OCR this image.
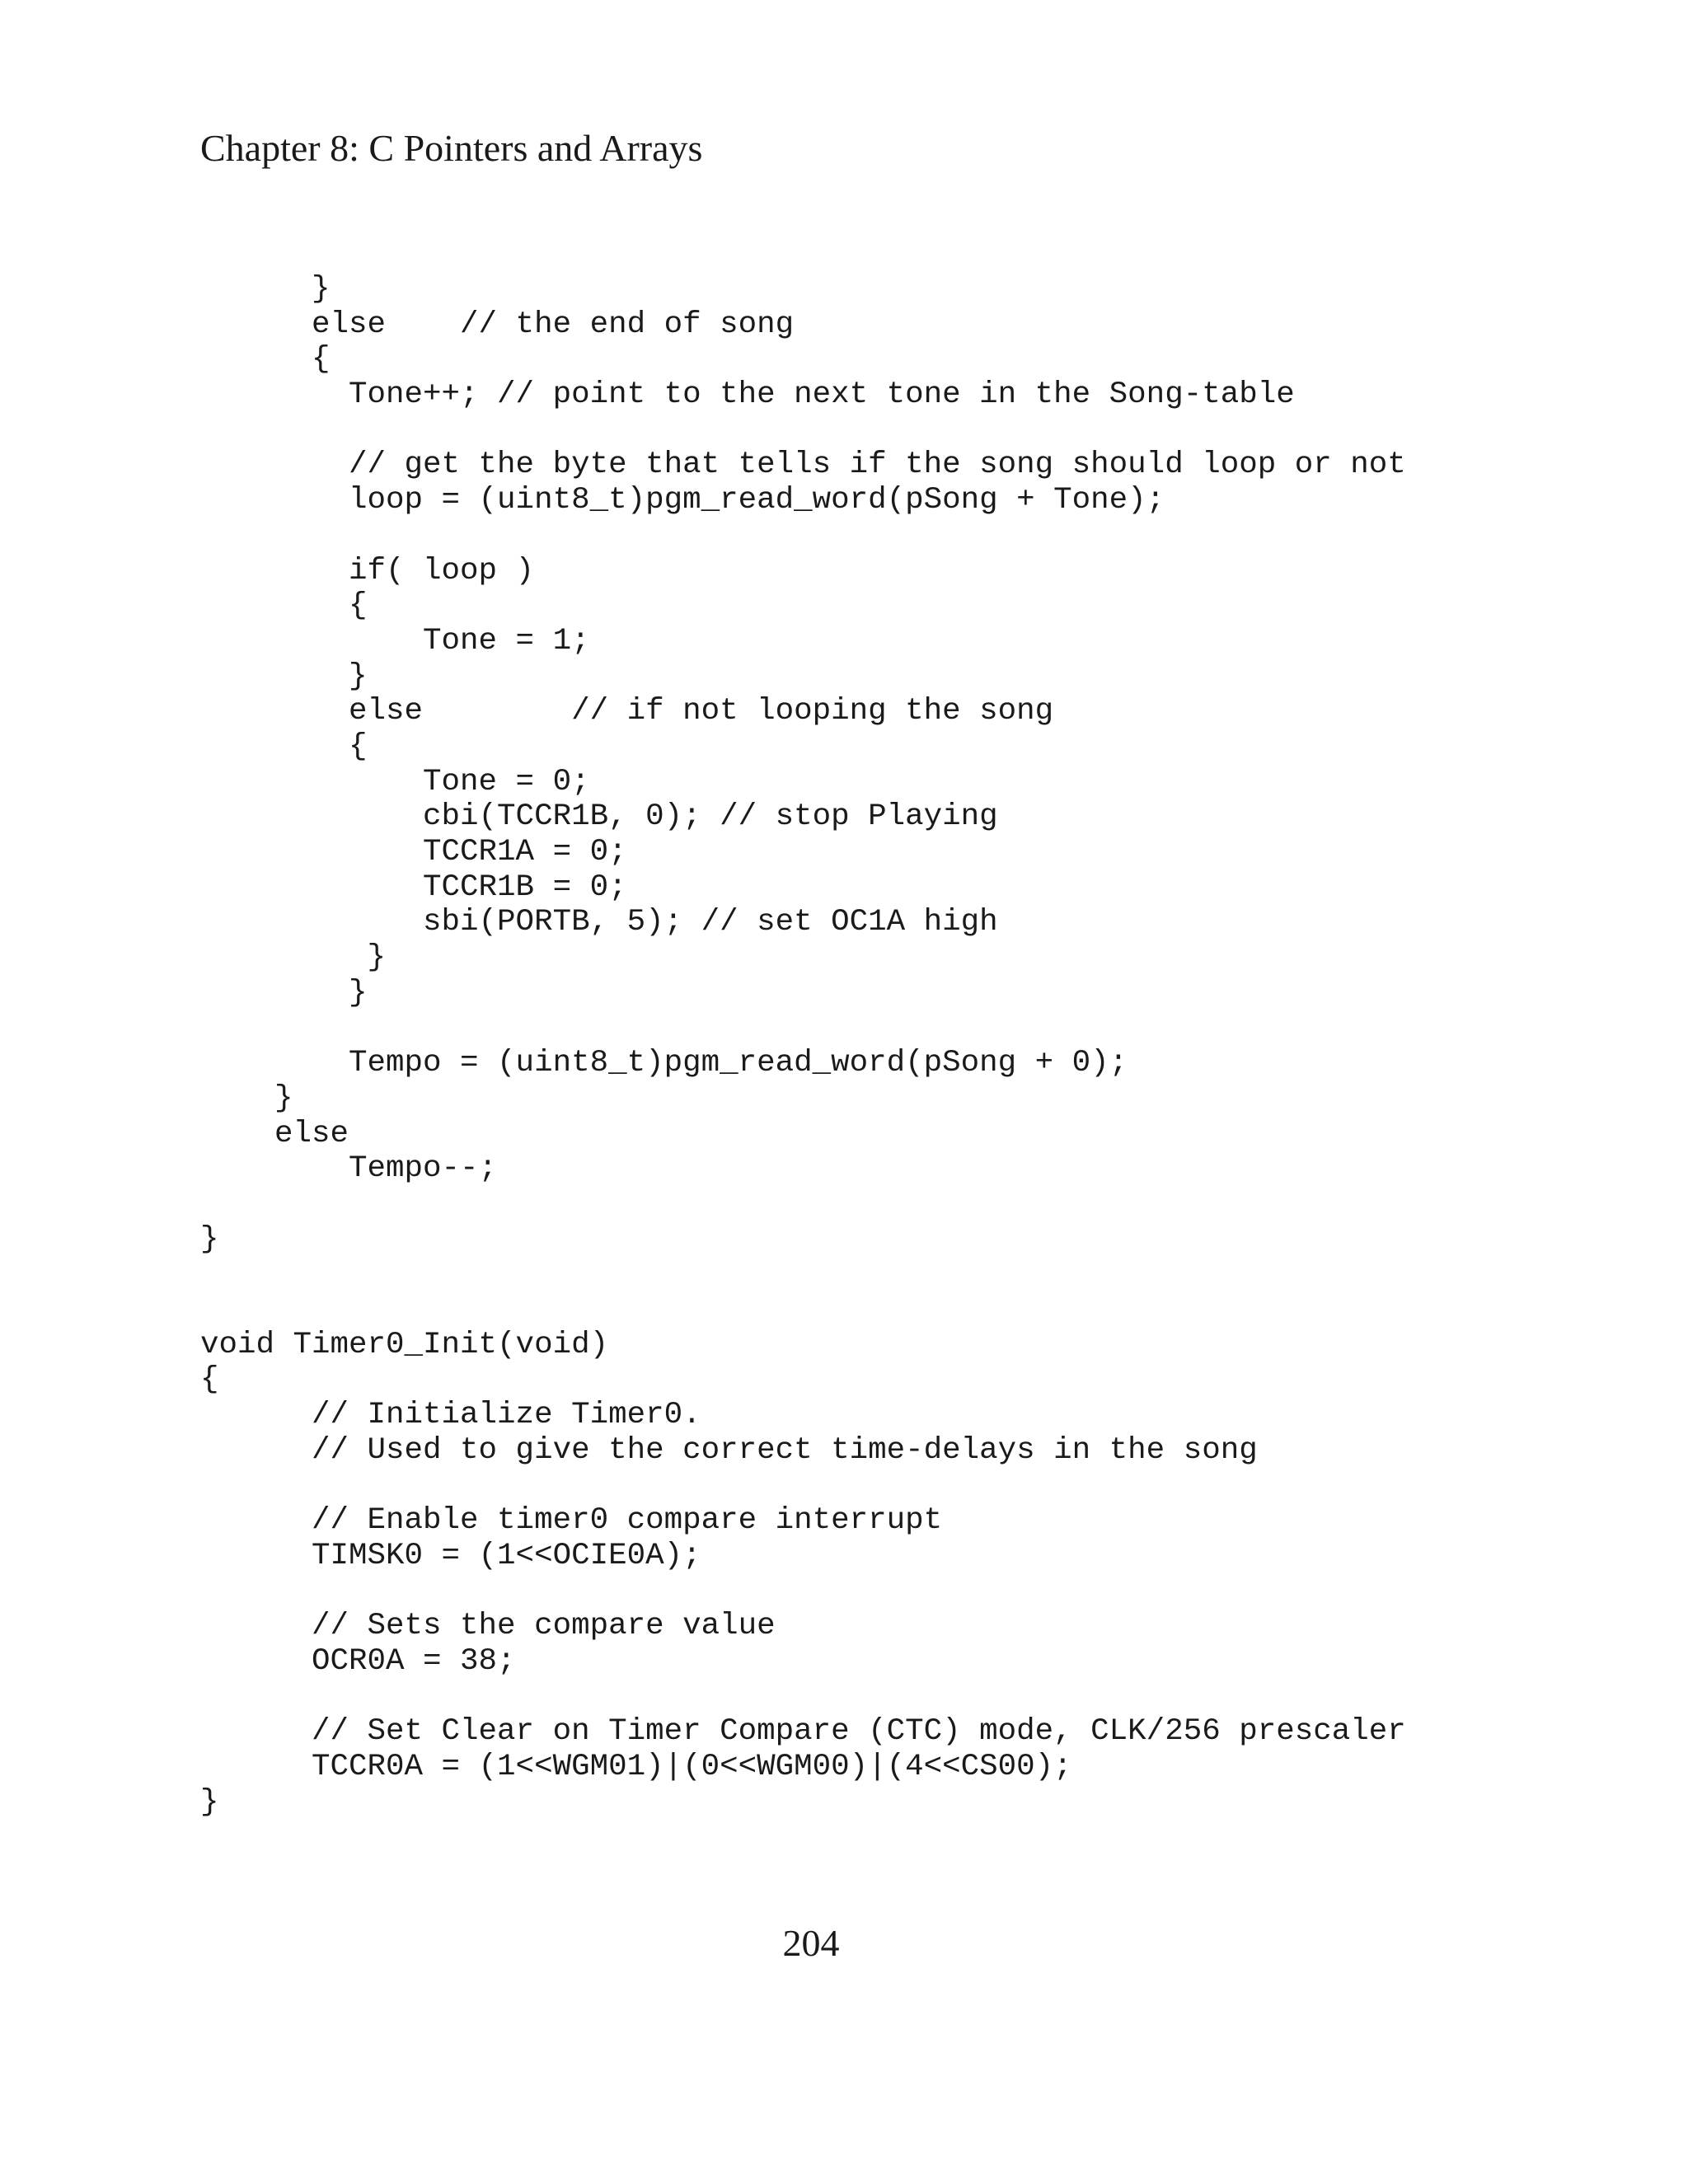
Chapter 8: C Pointers and Arrays
}
else    // the end of song
{
Tone++; // point to the next tone in the Song-table
// get the byte that tells if the song should loop or not
loop = (uint8_t)pgm_read_word(pSong + Tone);
if( loop )
{
Tone = 1;
}
else        // if not looping the song
{
Tone = 0;
cbi(TCCR1B, 0); // stop Playing
TCCR1A = 0;
TCCR1B = 0;
sbi(PORTB, 5); // set OC1A high
}
}
Tempo = (uint8_t)pgm_read_word(pSong + 0);
}
else
Tempo--;
}
void Timer0_Init(void)
{
// Initialize Timer0.
// Used to give the correct time-delays in the song
// Enable timer0 compare interrupt
TIMSK0 = (1<<OCIE0A);
// Sets the compare value
OCR0A = 38;
// Set Clear on Timer Compare (CTC) mode, CLK/256 prescaler
TCCR0A = (1<<WGM01)|(0<<WGM00)|(4<<CS00);
}
204
